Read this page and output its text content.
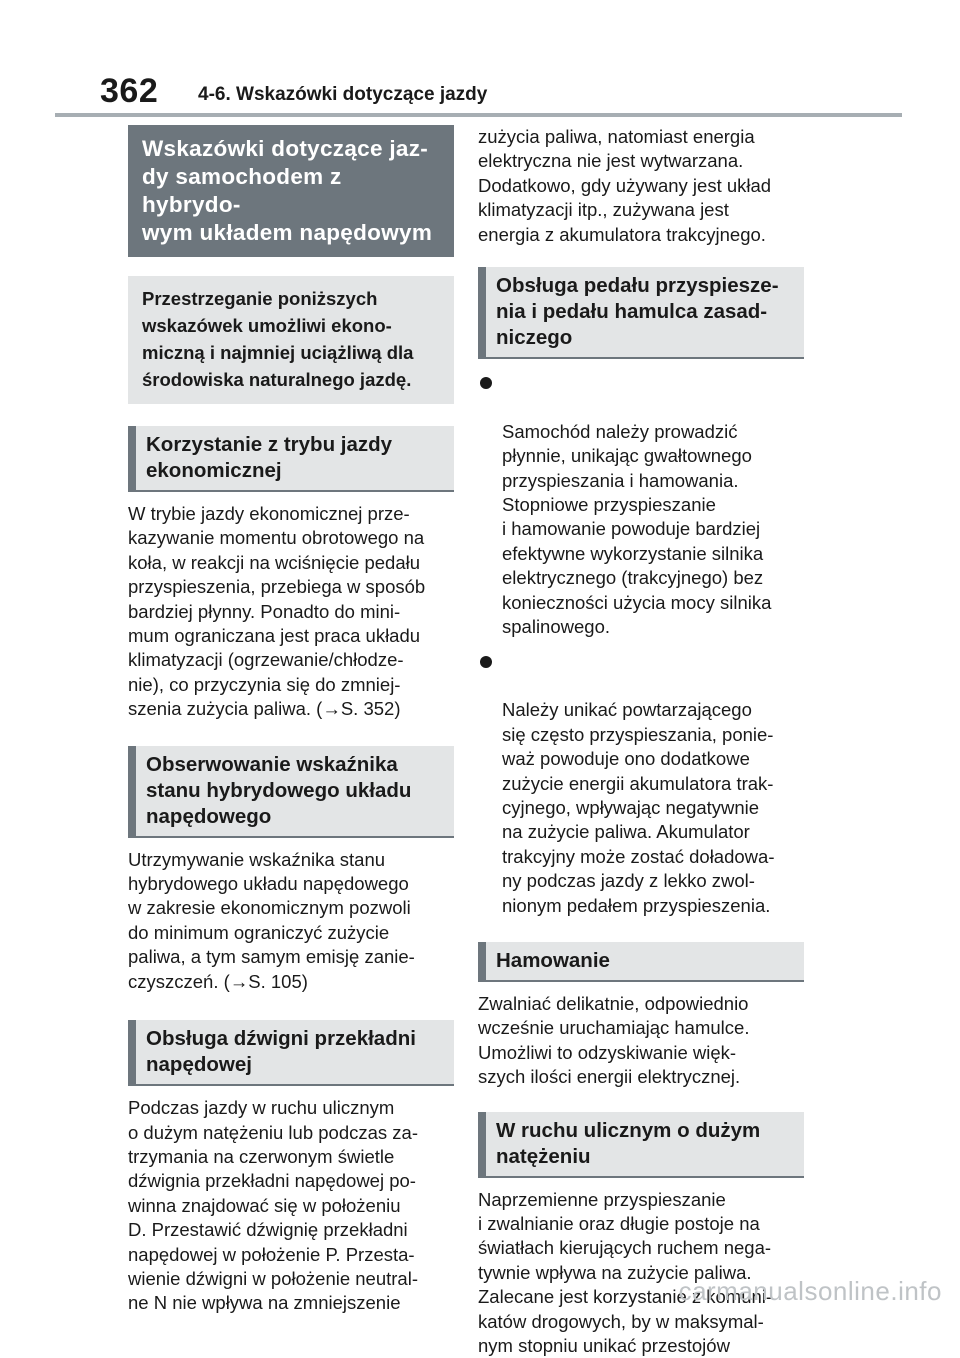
362 4-6. Wskazówki dotyczące jazdy
Wskazówki dotyczące jaz-
dy samochodem z hybrydo-
wym układem napędowym
Przestrzeganie poniższych
wskazówek umożliwi ekono-
miczną i najmniej uciążliwą dla
środowiska naturalnego jazdę.
Korzystanie z trybu jazdy
ekonomicznej

W trybie jazdy ekonomicznej prze-
kazywanie momentu obrotowego na
koła, w reakcji na wciśnięcie pedału
przyspieszenia, przebiega w sposób
bardziej płynny. Ponadto do mini-
mum ograniczana jest praca układu
klimatyzacji (ogrzewanie/chłodze-
nie), co przyczynia się do zmniej-
szenia zużycia paliwa. (→S. 352)

Obserwowanie wskaźnika
stanu hybrydowego układu
napędowego

Utrzymywanie wskaźnika stanu
hybrydowego układu napędowego
w zakresie ekonomicznym pozwoli
do minimum ograniczyć zużycie
paliwa, a tym samym emisję zanie-
czyszczeń. (→S. 105)

Obsługa dźwigni przekładni
napędowej

Podczas jazdy w ruchu ulicznym
o dużym natężeniu lub podczas za-
trzymania na czerwonym świetle
dźwignia przekładni napędowej po-
winna znajdować się w położeniu
D. Przestawić dźwignię przekładni
napędowej w położenie P. Przesta-
wienie dźwigni w położenie neutral-
ne N nie wpływa na zmniejszenie

zużycia paliwa, natomiast energia
elektryczna nie jest wytwarzana.
Dodatkowo, gdy używany jest układ
klimatyzacji itp., zużywana jest
energia z akumulatora trakcyjnego.

Obsługa pedału przyspiesze-
nia i pedału hamulca zasad-
niczego

Samochód należy prowadzić
płynnie, unikając gwałtownego
przyspieszania i hamowania.
Stopniowe przyspieszanie
i hamowanie powoduje bardziej
efektywne wykorzystanie silnika
elektrycznego (trakcyjnego) bez
konieczności użycia mocy silnika
spalinowego.

Należy unikać powtarzającego
się często przyspieszania, ponie-
waż powoduje ono dodatkowe
zużycie energii akumulatora trak-
cyjnego, wpływając negatywnie
na zużycie paliwa. Akumulator
trakcyjny może zostać doładowa-
ny podczas jazdy z lekko zwol-
nionym pedałem przyspieszenia.

Hamowanie

Zwalniać delikatnie, odpowiednio
wcześnie uruchamiając hamulce.
Umożliwi to odzyskiwanie więk-
szych ilości energii elektrycznej.

W ruchu ulicznym o dużym
natężeniu

Naprzemienne przyspieszanie
i zwalnianie oraz długie postoje na
światłach kierujących ruchem nega-
tywnie wpływa na zużycie paliwa.
Zalecane jest korzystanie z komuni-
katów drogowych, by w maksymal-
nym stopniu unikać przestojów

carmanualsonline.info
